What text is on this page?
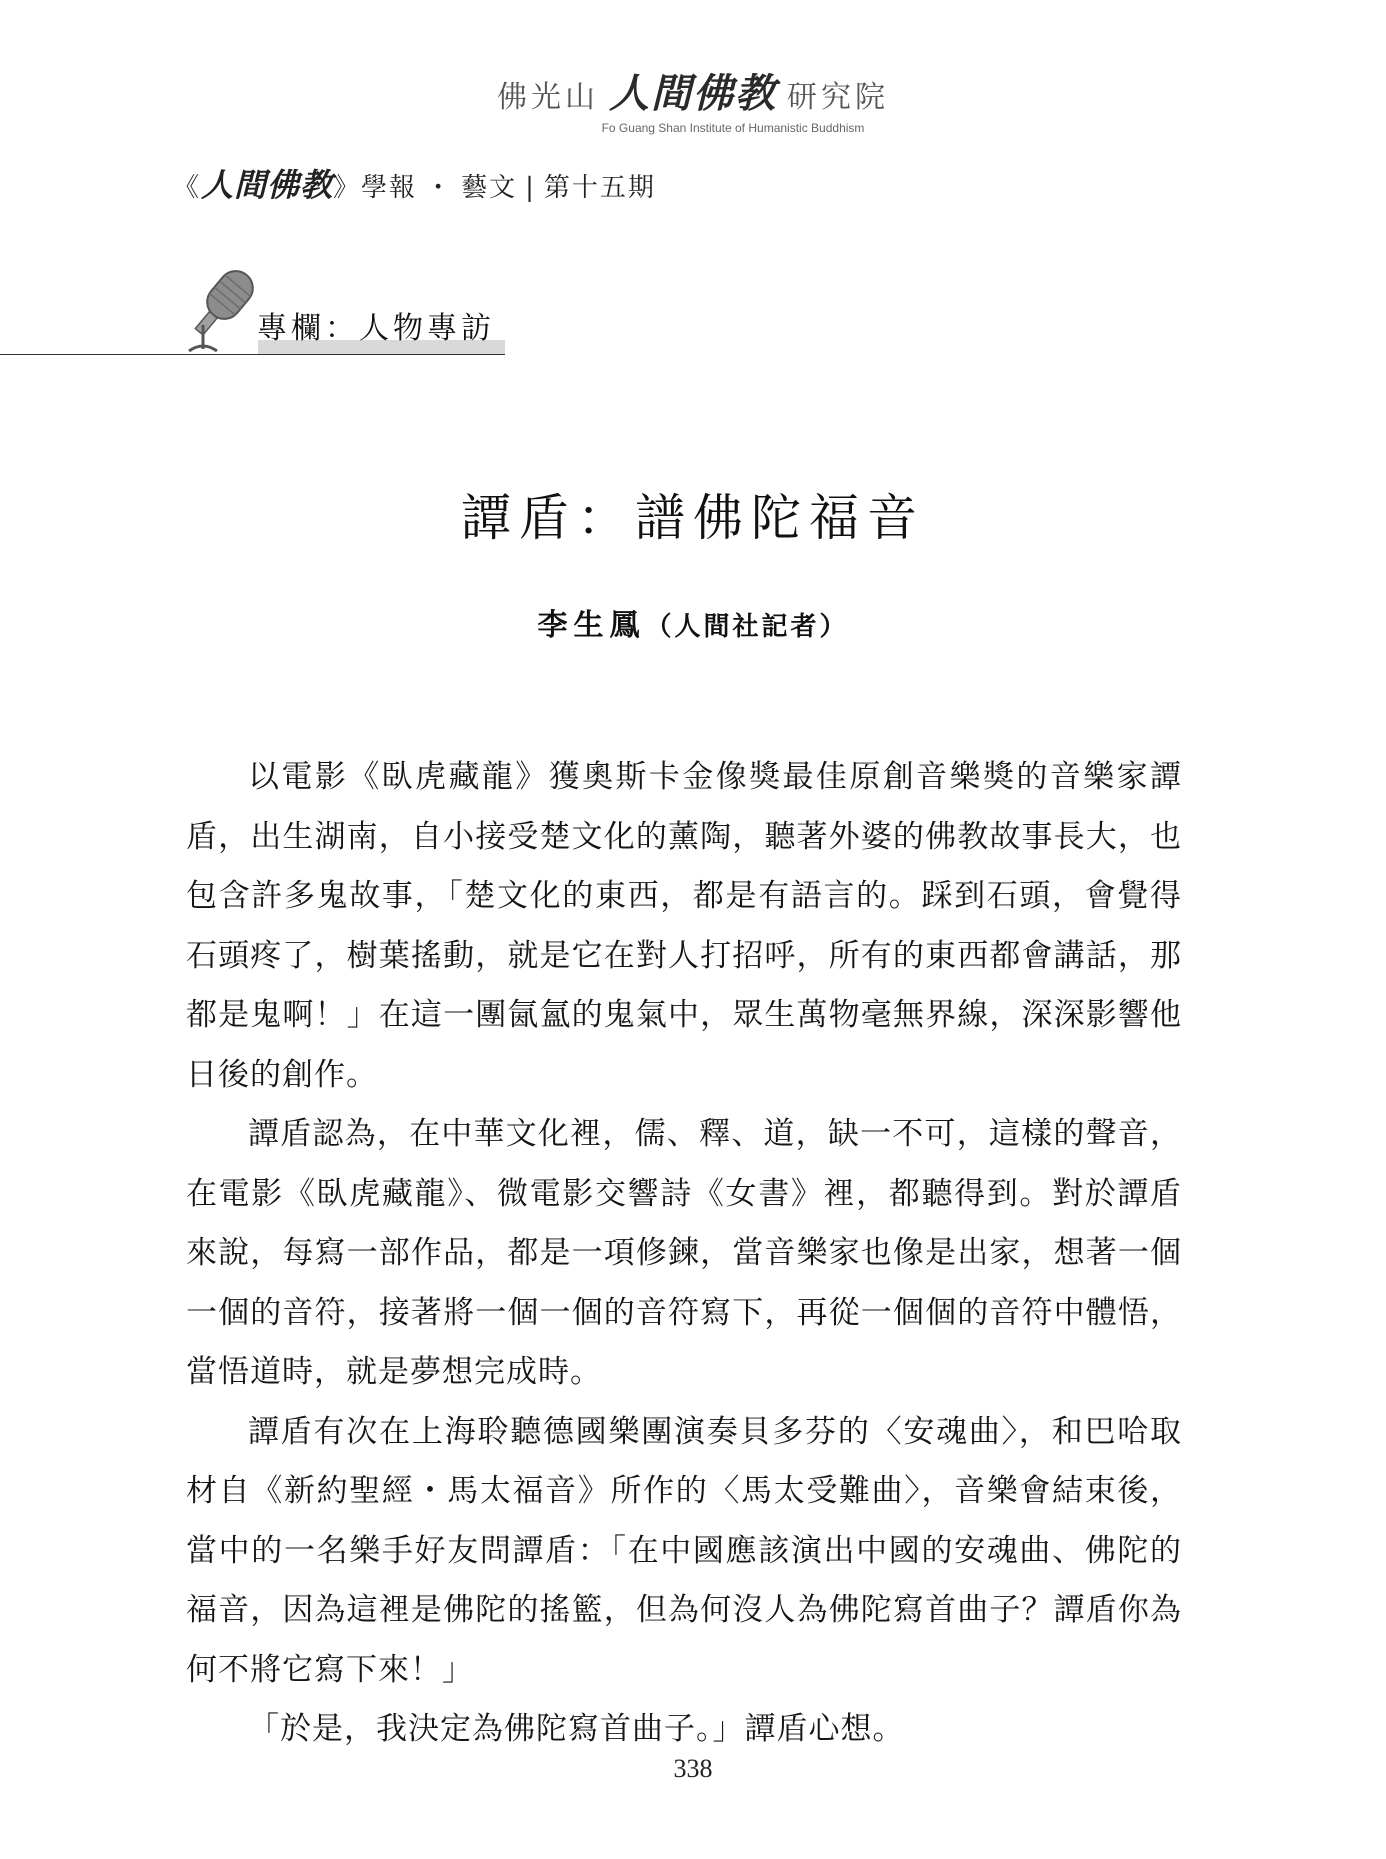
佛光山 人間佛教 研究院
Fo Guang Shan Institute of Humanistic Buddhism
《 人間佛教 》 學報 ・ 藝文 | 第十五期
專欄：人物專訪
譚盾：譜佛陀福音
李生鳳（人間社記者）

以電影《臥虎藏龍》獲奧斯卡金像獎最佳原創音樂獎的音樂家譚盾，出生湖南，自小接受楚文化的薰陶，聽著外婆的佛教故事長大，也包含許多鬼故事，「楚文化的東西，都是有語言的。踩到石頭，會覺得石頭疼了，樹葉搖動，就是它在對人打招呼，所有的東西都會講話，那都是鬼啊！」在這一團氤氳的鬼氣中，眾生萬物毫無界線，深深影響他日後的創作。

譚盾認為，在中華文化裡，儒、釋、道，缺一不可，這樣的聲音，在電影《臥虎藏龍》、微電影交響詩《女書》裡，都聽得到。對於譚盾來說，每寫一部作品，都是一項修鍊，當音樂家也像是出家，想著一個一個的音符，接著將一個一個的音符寫下，再從一個個的音符中體悟，當悟道時，就是夢想完成時。

譚盾有次在上海聆聽德國樂團演奏貝多芬的〈安魂曲〉，和巴哈取材自《新約聖經・馬太福音》所作的〈馬太受難曲〉，音樂會結束後，當中的一名樂手好友問譚盾：「在中國應該演出中國的安魂曲、佛陀的福音，因為這裡是佛陀的搖籃，但為何沒人為佛陀寫首曲子？譚盾你為何不將它寫下來！」

「於是，我決定為佛陀寫首曲子。」譚盾心想。

338
